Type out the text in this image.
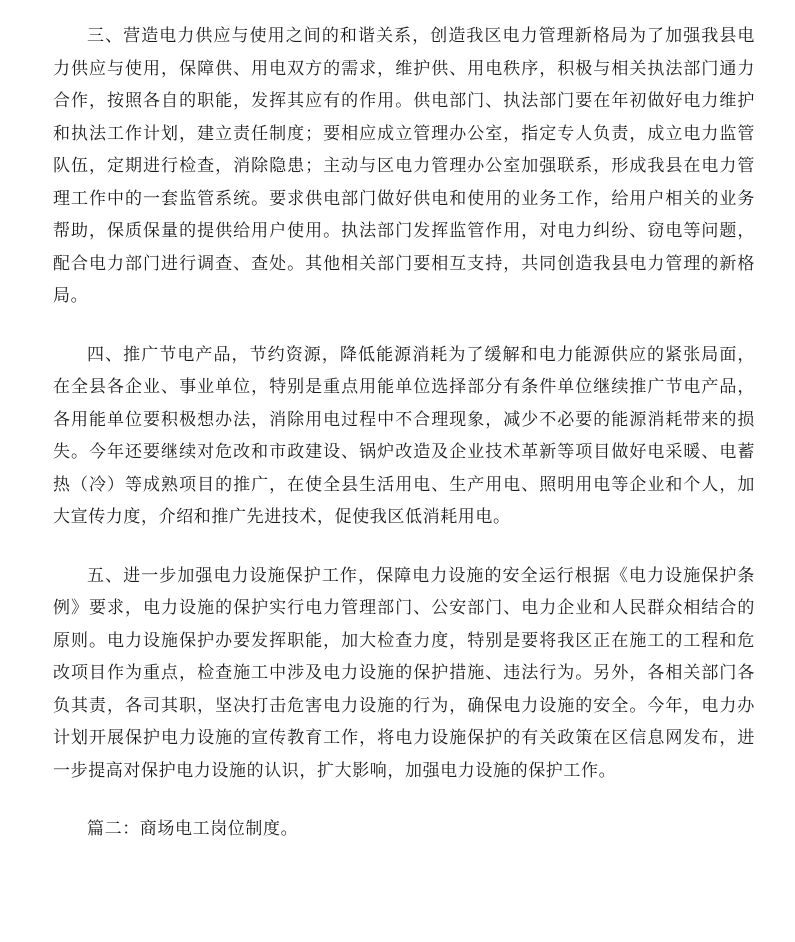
三、营造电力供应与使用之间的和谐关系，创造我区电力管理新格局为了加强我县电力供应与使用，保障供、用电双方的需求，维护供、用电秩序，积极与相关执法部门通力合作，按照各自的职能，发挥其应有的作用。供电部门、执法部门要在年初做好电力维护和执法工作计划，建立责任制度；要相应成立管理办公室，指定专人负责，成立电力监管队伍，定期进行检查，消除隐患；主动与区电力管理办公室加强联系，形成我县在电力管理工作中的一套监管系统。要求供电部门做好供电和使用的业务工作，给用户相关的业务帮助，保质保量的提供给用户使用。执法部门发挥监管作用，对电力纠纷、窃电等问题，配合电力部门进行调查、查处。其他相关部门要相互支持，共同创造我县电力管理的新格局。

四、推广节电产品，节约资源，降低能源消耗为了缓解和电力能源供应的紧张局面，在全县各企业、事业单位，特别是重点用能单位选择部分有条件单位继续推广节电产品，各用能单位要积极想办法，消除用电过程中不合理现象，减少不必要的能源消耗带来的损失。今年还要继续对危改和市政建设、锅炉改造及企业技术革新等项目做好电采暖、电蓄热（冷）等成熟项目的推广，在使全县生活用电、生产用电、照明用电等企业和个人，加大宣传力度，介绍和推广先进技术，促使我区低消耗用电。

五、进一步加强电力设施保护工作，保障电力设施的安全运行根据《电力设施保护条例》要求，电力设施的保护实行电力管理部门、公安部门、电力企业和人民群众相结合的原则。电力设施保护办要发挥职能，加大检查力度，特别是要将我区正在施工的工程和危改项目作为重点，检查施工中涉及电力设施的保护措施、违法行为。另外，各相关部门各负其责，各司其职，坚决打击危害电力设施的行为，确保电力设施的安全。今年，电力办计划开展保护电力设施的宣传教育工作，将电力设施保护的有关政策在区信息网发布，进一步提高对保护电力设施的认识，扩大影响，加强电力设施的保护工作。

篇二：商场电工岗位制度。
